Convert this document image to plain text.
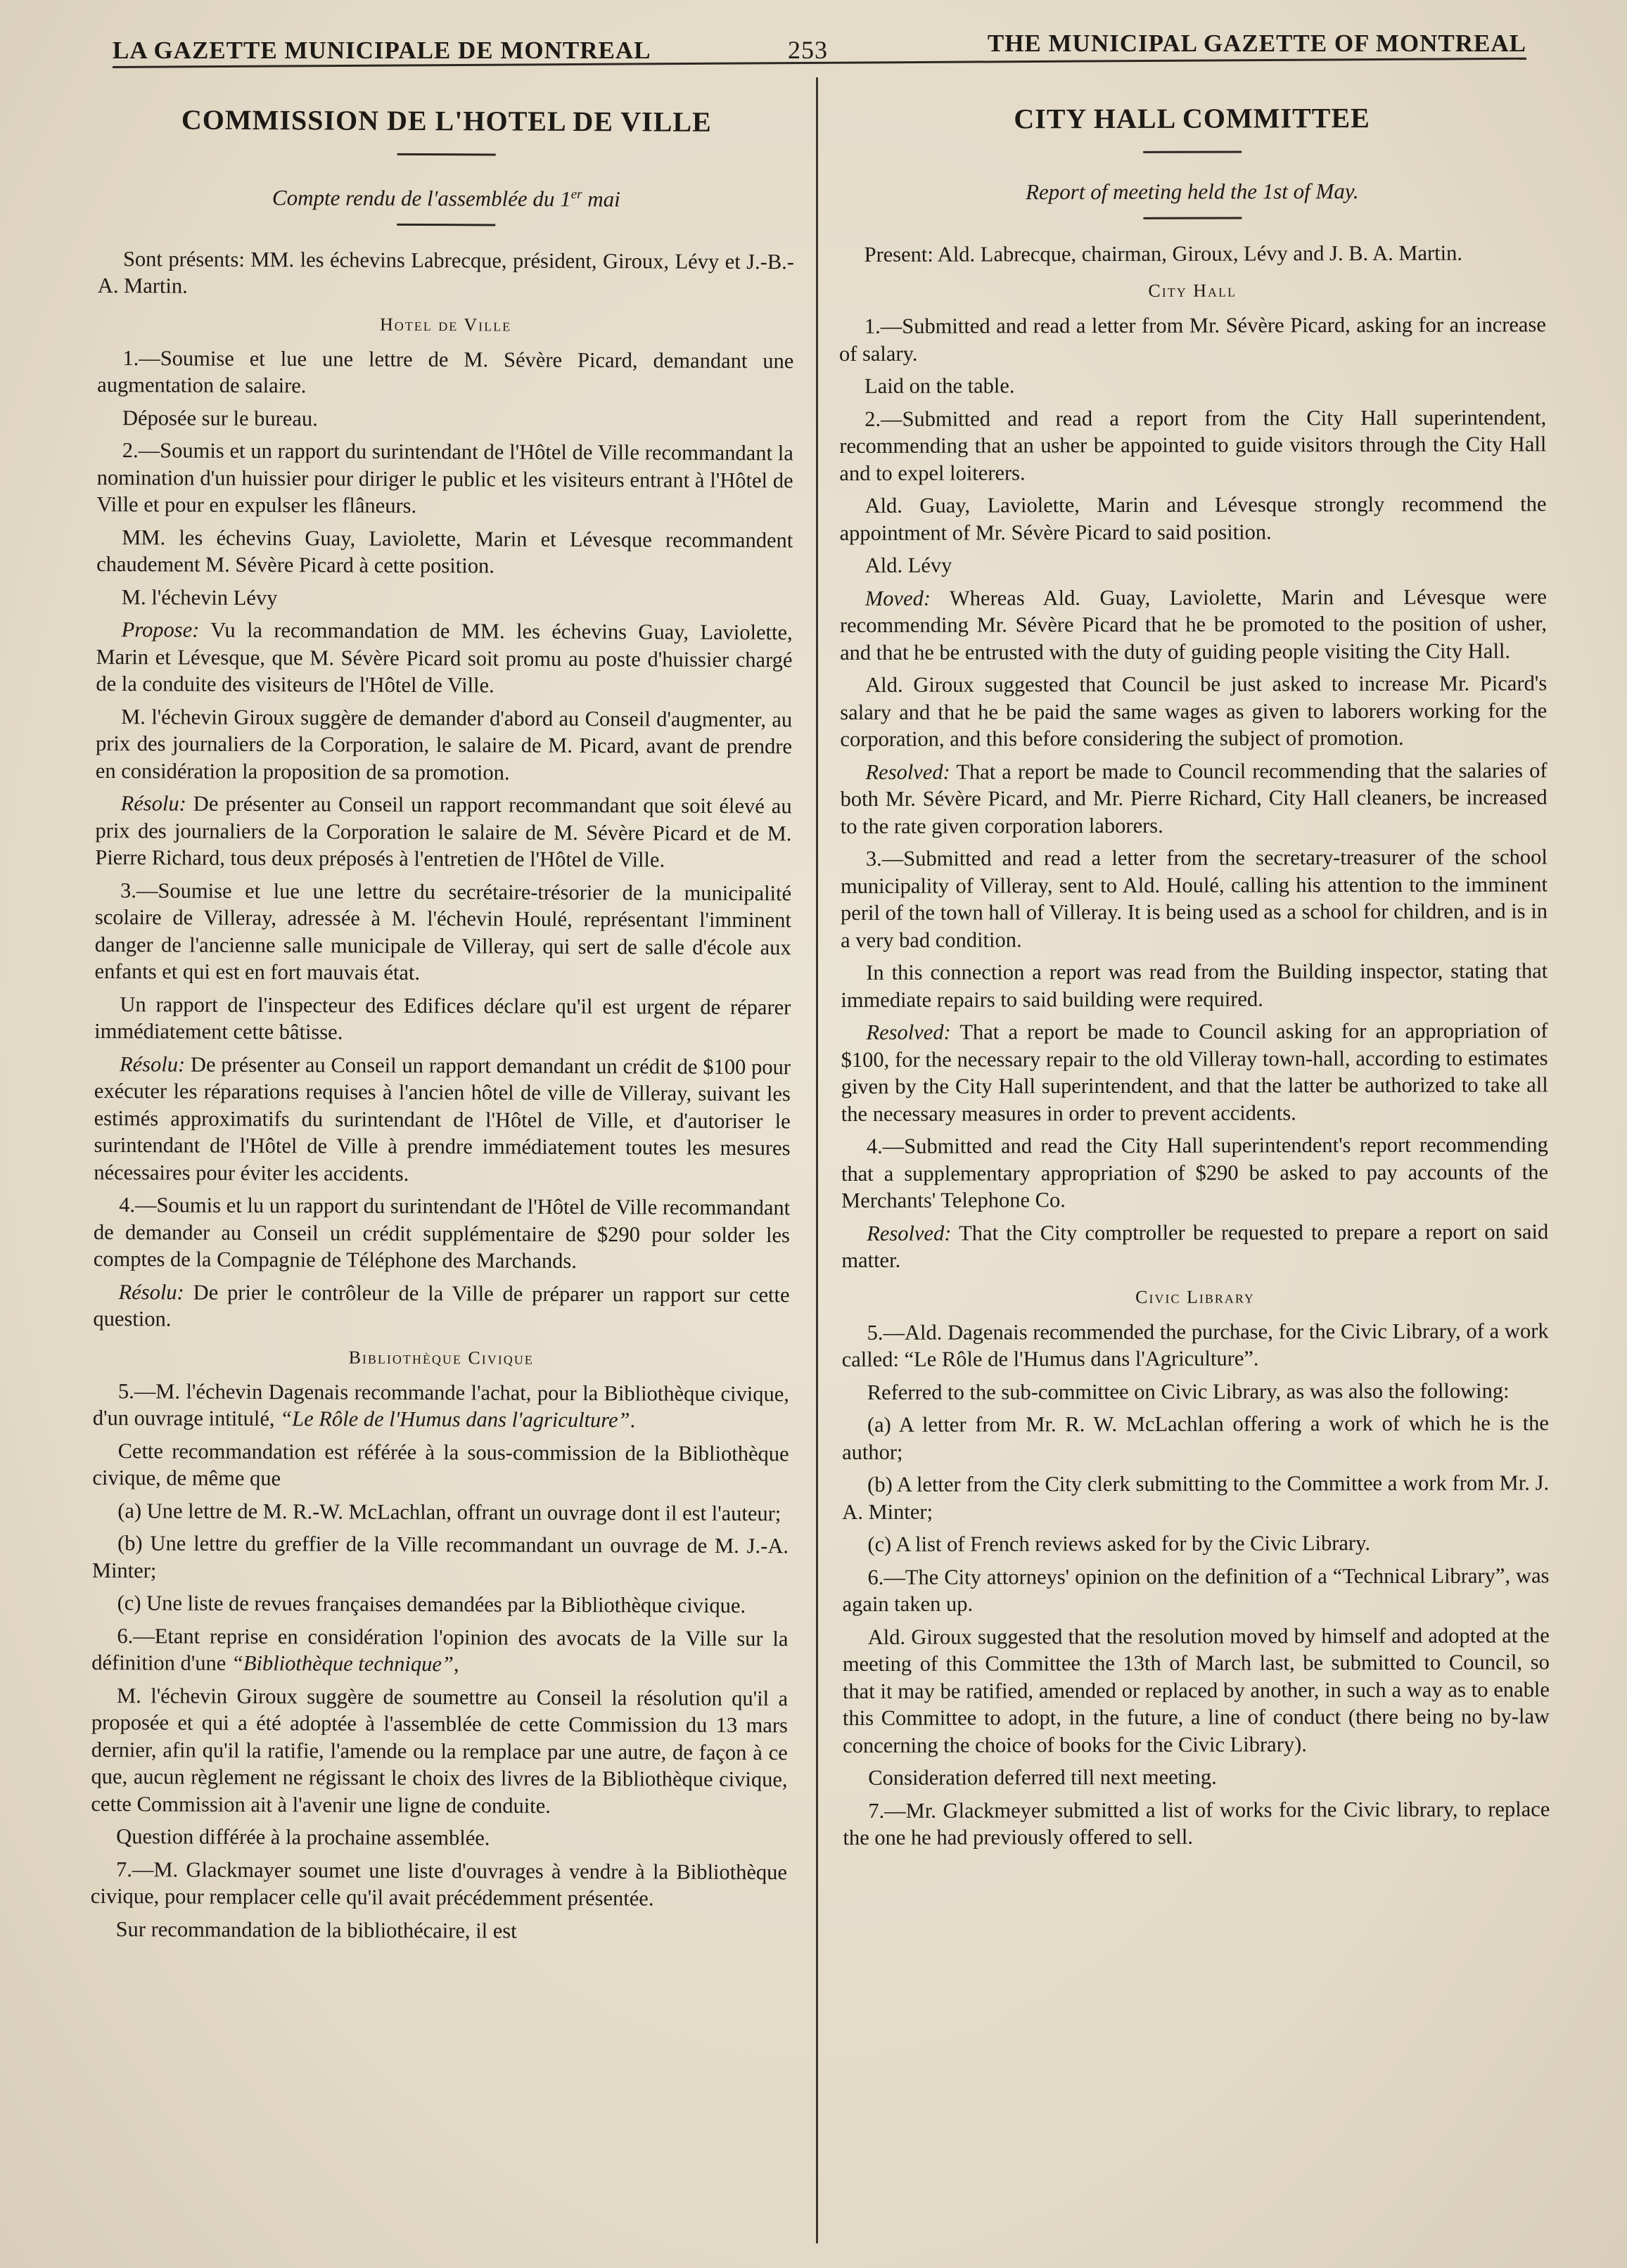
LA GAZETTE MUNICIPALE DE MONTREAL	253	THE MUNICIPAL GAZETTE OF MONTREAL
COMMISSION DE L'HOTEL DE VILLE
Compte rendu de l'assemblée du 1er mai

Sont présents: MM. les échevins Labrecque, président, Giroux, Lévy et J.-B.-A. Martin.

Hotel de Ville

1.—Soumise et lue une lettre de M. Sévère Picard, demandant une augmentation de salaire.

Déposée sur le bureau.

2.—Soumis et un rapport du surintendant de l'Hôtel de Ville recommandant la nomination d'un huissier pour diriger le public et les visiteurs entrant à l'Hôtel de Ville et pour en expulser les flâneurs.

MM. les échevins Guay, Laviolette, Marin et Lévesque recommandent chaudement M. Sévère Picard à cette position.

M. l'échevin Lévy

Propose: Vu la recommandation de MM. les échevins Guay, Laviolette, Marin et Lévesque, que M. Sévère Picard soit promu au poste d'huissier chargé de la conduite des visiteurs de l'Hôtel de Ville.

M. l'échevin Giroux suggère de demander d'abord au Conseil d'augmenter, au prix des journaliers de la Corporation, le salaire de M. Picard, avant de prendre en considération la proposition de sa promotion.

Résolu: De présenter au Conseil un rapport recommandant que soit élevé au prix des journaliers de la Corporation le salaire de M. Sévère Picard et de M. Pierre Richard, tous deux préposés à l'entretien de l'Hôtel de Ville.

3.—Soumise et lue une lettre du secrétaire-trésorier de la municipalité scolaire de Villeray, adressée à M. l'échevin Houlé, représentant l'imminent danger de l'ancienne salle municipale de Villeray, qui sert de salle d'école aux enfants et qui est en fort mauvais état.

Un rapport de l'inspecteur des Edifices déclare qu'il est urgent de réparer immédiatement cette bâtisse.

Résolu: De présenter au Conseil un rapport demandant un crédit de $100 pour exécuter les réparations requises à l'ancien hôtel de ville de Villeray, suivant les estimés approximatifs du surintendant de l'Hôtel de Ville, et d'autoriser le surintendant de l'Hôtel de Ville à prendre immédiatement toutes les mesures nécessaires pour éviter les accidents.

4.—Soumis et lu un rapport du surintendant de l'Hôtel de Ville recommandant de demander au Conseil un crédit supplémentaire de $290 pour solder les comptes de la Compagnie de Téléphone des Marchands.

Résolu: De prier le contrôleur de la Ville de préparer un rapport sur cette question.

Bibliothèque Civique

5.—M. l'échevin Dagenais recommande l'achat, pour la Bibliothèque civique, d'un ouvrage intitulé, “Le Rôle de l'Humus dans l'agriculture”.

Cette recommandation est référée à la sous-commission de la Bibliothèque civique, de même que

(a) Une lettre de M. R.-W. McLachlan, offrant un ouvrage dont il est l'auteur;

(b) Une lettre du greffier de la Ville recommandant un ouvrage de M. J.-A. Minter;

(c) Une liste de revues françaises demandées par la Bibliothèque civique.

6.—Etant reprise en considération l'opinion des avocats de la Ville sur la définition d'une “Bibliothèque technique”,

M. l'échevin Giroux suggère de soumettre au Conseil la résolution qu'il a proposée et qui a été adoptée à l'assemblée de cette Commission du 13 mars dernier, afin qu'il la ratifie, l'amende ou la remplace par une autre, de façon à ce que, aucun règlement ne régissant le choix des livres de la Bibliothèque civique, cette Commission ait à l'avenir une ligne de conduite.

Question différée à la prochaine assemblée.

7.—M. Glackmayer soumet une liste d'ouvrages à vendre à la Bibliothèque civique, pour remplacer celle qu'il avait précédemment présentée.

Sur recommandation de la bibliothécaire, il est

CITY HALL COMMITTEE
Report of meeting held the 1st of May.

Present: Ald. Labrecque, chairman, Giroux, Lévy and J. B. A. Martin.

City Hall

1.—Submitted and read a letter from Mr. Sévère Picard, asking for an increase of salary.

Laid on the table.

2.—Submitted and read a report from the City Hall superintendent, recommending that an usher be appointed to guide visitors through the City Hall and to expel loiterers.

Ald. Guay, Laviolette, Marin and Lévesque strongly recommend the appointment of Mr. Sévère Picard to said position.

Ald. Lévy

Moved: Whereas Ald. Guay, Laviolette, Marin and Lévesque were recommending Mr. Sévère Picard that he be promoted to the position of usher, and that he be entrusted with the duty of guiding people visiting the City Hall.

Ald. Giroux suggested that Council be just asked to increase Mr. Picard's salary and that he be paid the same wages as given to laborers working for the corporation, and this before considering the subject of promotion.

Resolved: That a report be made to Council recommending that the salaries of both Mr. Sévère Picard, and Mr. Pierre Richard, City Hall cleaners, be increased to the rate given corporation laborers.

3.—Submitted and read a letter from the secretary-treasurer of the school municipality of Villeray, sent to Ald. Houlé, calling his attention to the imminent peril of the town hall of Villeray. It is being used as a school for children, and is in a very bad condition.

In this connection a report was read from the Building inspector, stating that immediate repairs to said building were required.

Resolved: That a report be made to Council asking for an appropriation of $100, for the necessary repair to the old Villeray town-hall, according to estimates given by the City Hall superintendent, and that the latter be authorized to take all the necessary measures in order to prevent accidents.

4.—Submitted and read the City Hall superintendent's report recommending that a supplementary appropriation of $290 be asked to pay accounts of the Merchants' Telephone Co.

Resolved: That the City comptroller be requested to prepare a report on said matter.

Civic Library

5.—Ald. Dagenais recommended the purchase, for the Civic Library, of a work called: “Le Rôle de l'Humus dans l'Agriculture”.

Referred to the sub-committee on Civic Library, as was also the following:

(a) A letter from Mr. R. W. McLachlan offering a work of which he is the author;

(b) A letter from the City clerk submitting to the Committee a work from Mr. J. A. Minter;

(c) A list of French reviews asked for by the Civic Library.

6.—The City attorneys' opinion on the definition of a “Technical Library”, was again taken up.

Ald. Giroux suggested that the resolution moved by himself and adopted at the meeting of this Committee the 13th of March last, be submitted to Council, so that it may be ratified, amended or replaced by another, in such a way as to enable this Committee to adopt, in the future, a line of conduct (there being no by-law concerning the choice of books for the Civic Library).

Consideration deferred till next meeting.

7.—Mr. Glackmeyer submitted a list of works for the Civic library, to replace the one he had previously offered to sell.
